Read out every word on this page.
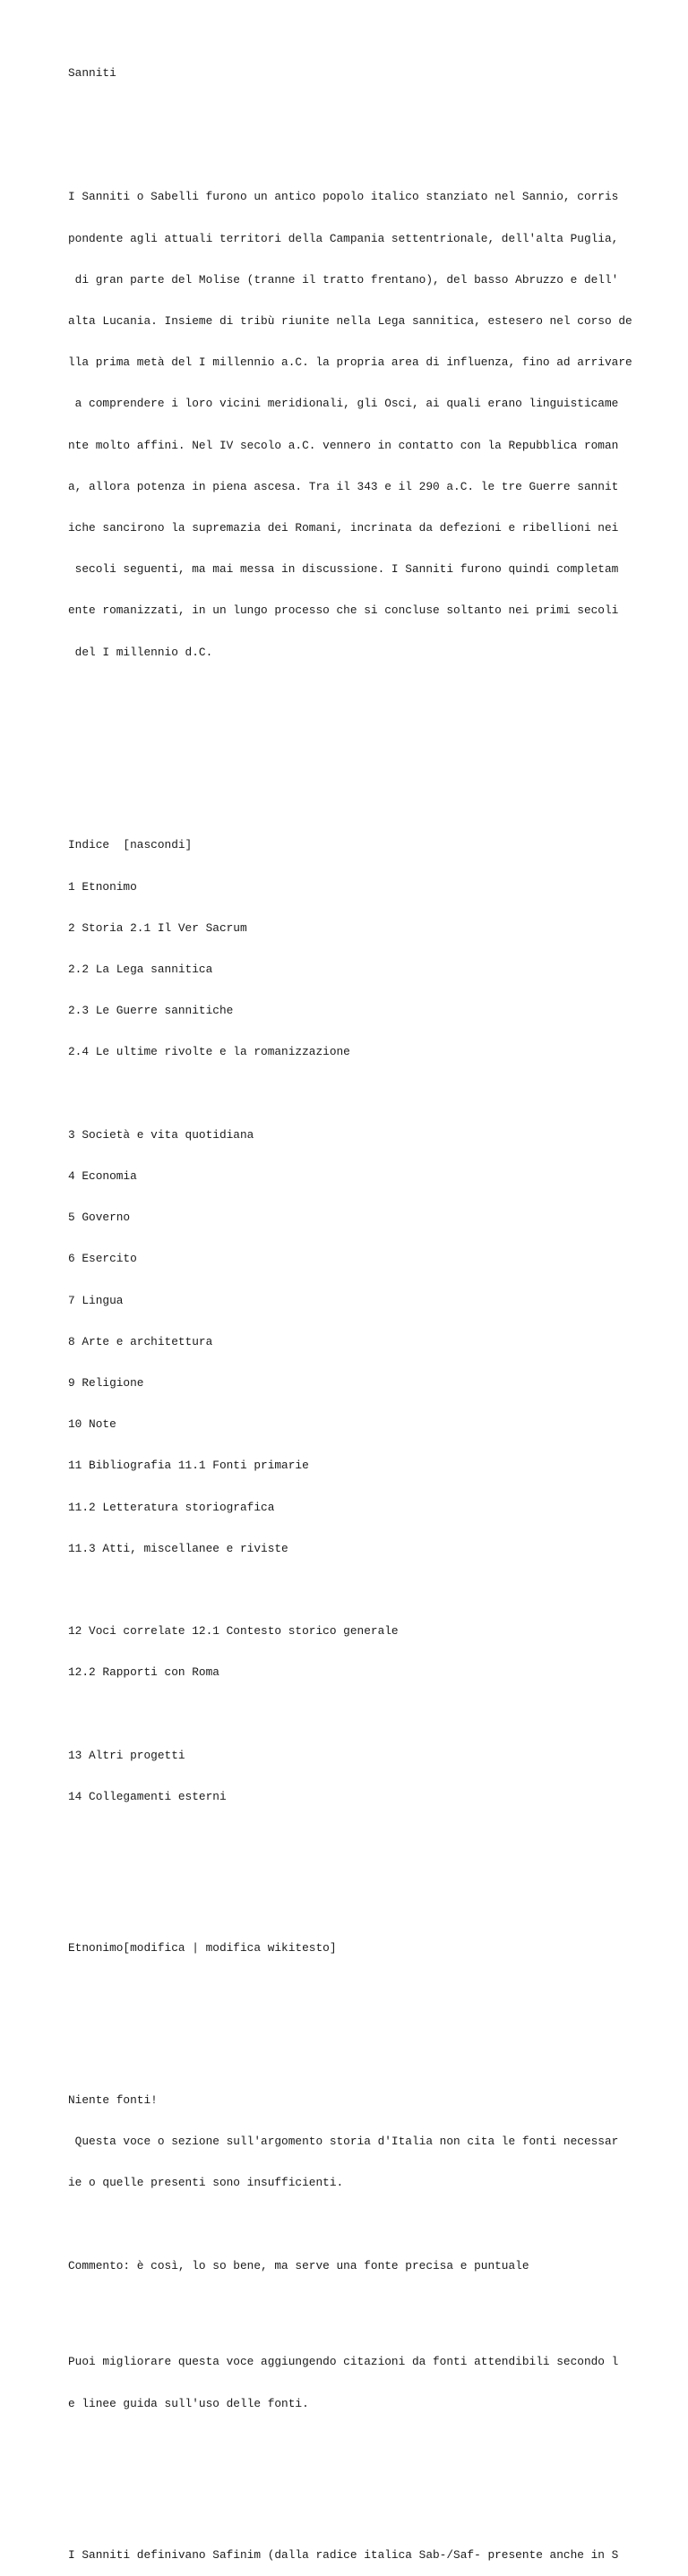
Sanniti

I Sanniti o Sabelli furono un antico popolo italico stanziato nel Sannio, corris

pondente agli attuali territori della Campania settentrionale, dell'alta Puglia,

di gran parte del Molise (tranne il tratto frentano), del basso Abruzzo e dell'

alta Lucania. Insieme di tribù riunite nella Lega sannitica, estesero nel corso de

lla prima metà del I millennio a.C. la propria area di influenza, fino ad arrivare

a comprendere i loro vicini meridionali, gli Osci, ai quali erano linguisticame

nte molto affini. Nel IV secolo a.C. vennero in contatto con la Repubblica roman

a, allora potenza in piena ascesa. Tra il 343 e il 290 a.C. le tre Guerre sannit

iche sancirono la supremazia dei Romani, incrinata da defezioni e ribellioni nei

secoli seguenti, ma mai messa in discussione. I Sanniti furono quindi completam

ente romanizzati, in un lungo processo che si concluse soltanto nei primi secoli

del I millennio d.C.

Indice  [nascondi]

1 Etnonimo

2 Storia 2.1 Il Ver Sacrum

2.2 La Lega sannitica

2.3 Le Guerre sannitiche

2.4 Le ultime rivolte e la romanizzazione

3 Società e vita quotidiana

4 Economia

5 Governo

6 Esercito

7 Lingua

8 Arte e architettura

9 Religione

10 Note

11 Bibliografia 11.1 Fonti primarie

11.2 Letteratura storiografica

11.3 Atti, miscellanee e riviste

12 Voci correlate 12.1 Contesto storico generale

12.2 Rapporti con Roma

13 Altri progetti

14 Collegamenti esterni

Etnonimo[modifica | modifica wikitesto]

Niente fonti!

Questa voce o sezione sull'argomento storia d'Italia non cita le fonti necessar

ie o quelle presenti sono insufficienti.

Commento: è così, lo so bene, ma serve una fonte precisa e puntuale

Puoi migliorare questa voce aggiungendo citazioni da fonti attendibili secondo l

e linee guida sull'uso delle fonti.

I Sanniti definivano Safinim (dalla radice italica Sab-/Saf- presente anche in S
